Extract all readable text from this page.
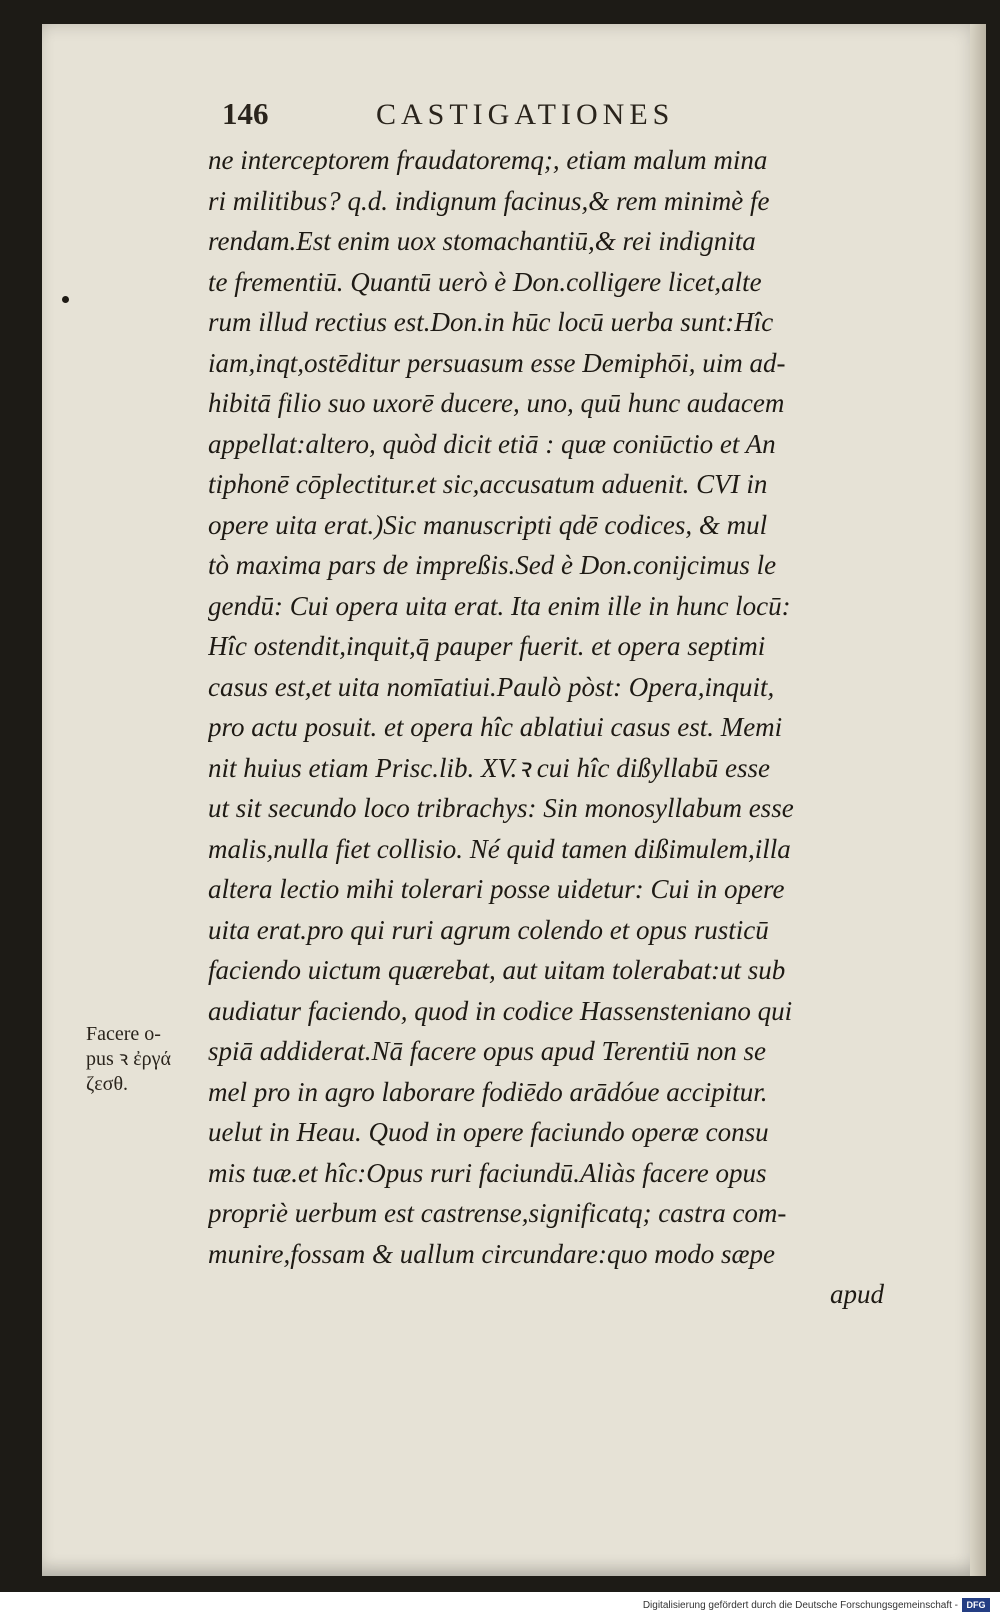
146	CASTIGATIONES
ne interceptorem fraudatoremq;, etiam malum mina
ri militibus? q.d. indignum facinus,& rem minimè fe
rendam.Est enim uox stomachantiū,& rei indignita
te frementiū. Quantū uerò è Don.colligere licet,alte
rum illud rectius est.Don.in hūc locū uerba sunt:Hîc
iam,inqt,ostēditur persuasum esse Demiphōi, uim ad-
hibitā filio suo uxorē ducere, uno, quū hunc audacem
appellat:altero, quòd dicit etiā : quæ coniūctio et An
tiphonē cōplectitur.et sic,accusatum aduenit. CVI in
opere uita erat.)Sic manuscripti qdē codices, & mul
tò maxima pars de impreßis.Sed è Don.conijcimus le
gendū: Cui opera uita erat. Ita enim ille in hunc locū:
Hîc ostendit,inquit,q̄ pauper fuerit. et opera septimi
casus est,et uita nomīatiui.Paulò pòst: Opera,inquit,
pro actu posuit. et opera hîc ablatiui casus est. Memi
nit huius etiam Prisc.lib. XV.ꝛ cui hîc dißyllabū esse
ut sit secundo loco tribrachys: Sin monosyllabum esse
malis,nulla fiet collisio. Né quid tamen dißimulem,illa
altera lectio mihi tolerari posse uidetur: Cui in opere
uita erat.pro qui ruri agrum colendo et opus rusticū
faciendo uictum quærebat, aut uitam tolerabat:ut sub
audiatur faciendo, quod in codice Hassensteniano qui
spiā addiderat.Nā facere opus apud Terentiū non se
mel pro in agro laborare fodiēdo arādóue accipitur.
uelut in Heau. Quod in opere faciundo operæ consu
mis tuæ.et hîc:Opus ruri faciundū.Aliàs facere opus
propriè uerbum est castrense,significatq; castra com-
munire,fossam & uallum circundare:quo modo sæpe
apud
Facere o-
pus ꝛ ἐργά
ζεσθ.
Digitalisierung gefördert durch die Deutsche Forschungsgemeinschaft - DFG
